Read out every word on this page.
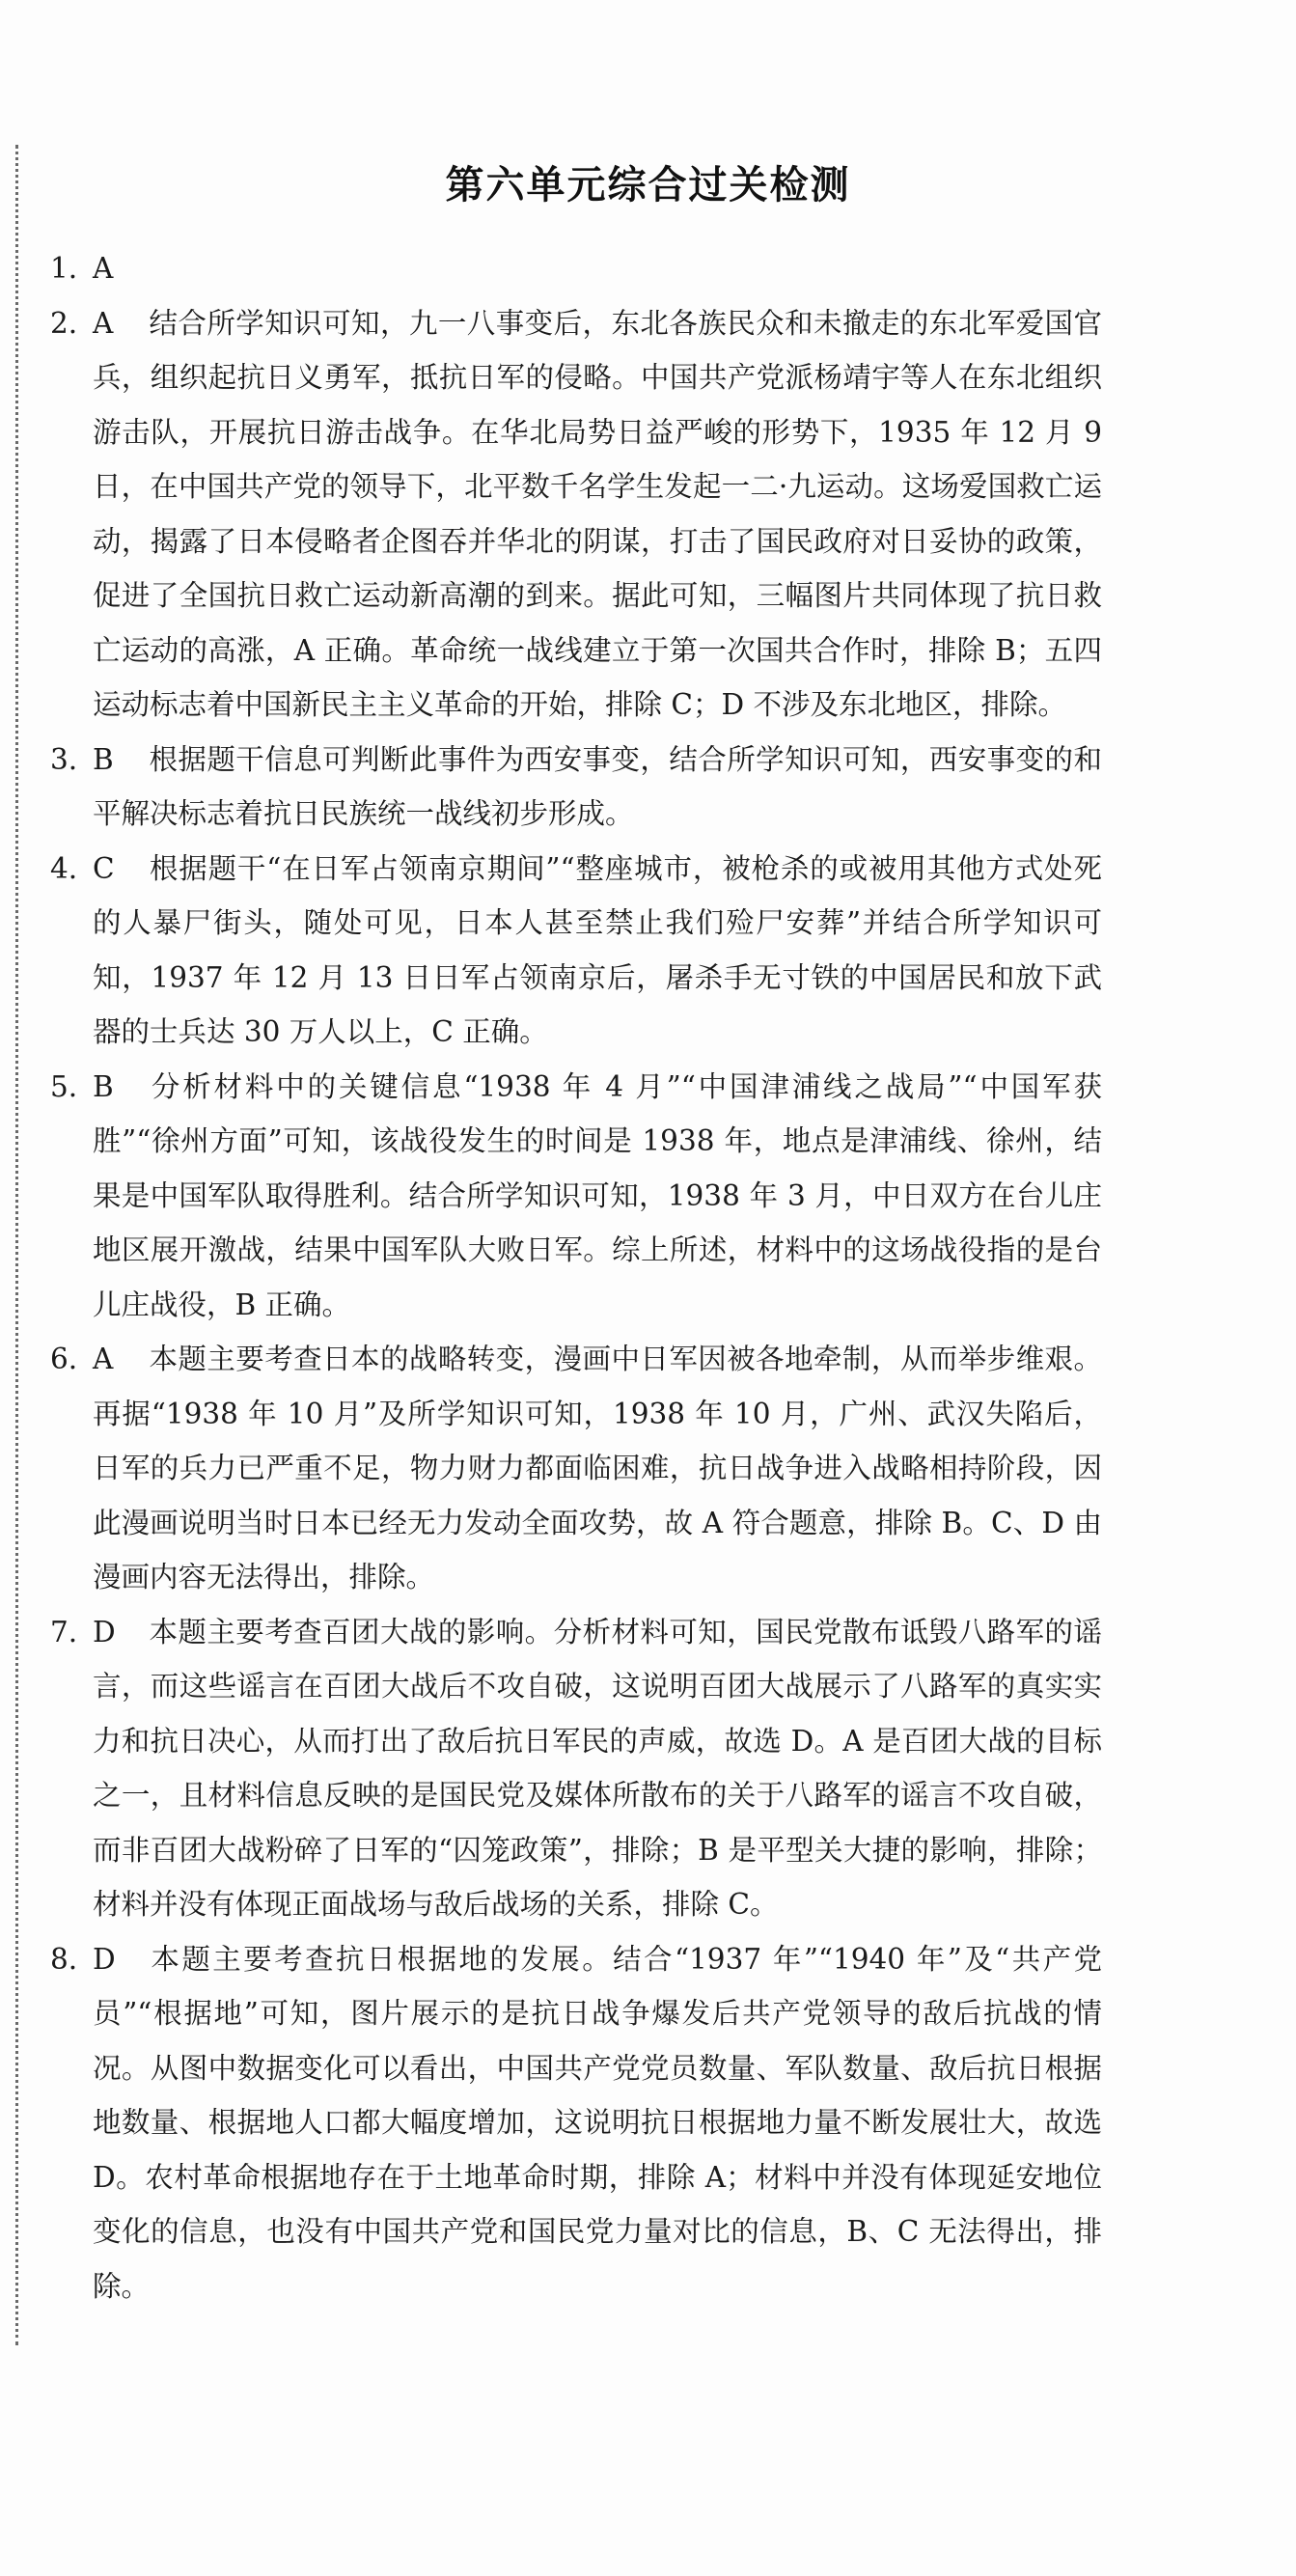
第六单元综合过关检测
1. A
2. A 结合所学知识可知，九一八事变后，东北各族民众和未撤走的东北军爱国官兵，组织起抗日义勇军，抵抗日军的侵略。中国共产党派杨靖宇等人在东北组织游击队，开展抗日游击战争。在华北局势日益严峻的形势下，1935 年 12 月 9 日，在中国共产党的领导下，北平数千名学生发起一二·九运动。这场爱国救亡运动，揭露了日本侵略者企图吞并华北的阴谋，打击了国民政府对日妥协的政策，促进了全国抗日救亡运动新高潮的到来。据此可知，三幅图片共同体现了抗日救亡运动的高涨，A 正确。革命统一战线建立于第一次国共合作时，排除 B；五四运动标志着中国新民主主义革命的开始，排除 C；D 不涉及东北地区，排除。
3. B 根据题干信息可判断此事件为西安事变，结合所学知识可知，西安事变的和平解决标志着抗日民族统一战线初步形成。
4. C 根据题干“在日军占领南京期间”“整座城市，被枪杀的或被用其他方式处死的人暴尸街头，随处可见，日本人甚至禁止我们殓尸安葬”并结合所学知识可知，1937 年 12 月 13 日日军占领南京后，屠杀手无寸铁的中国居民和放下武器的士兵达 30 万人以上，C 正确。
5. B 分析材料中的关键信息“1938 年 4 月”“中国津浦线之战局”“中国军获胜”“徐州方面”可知，该战役发生的时间是 1938 年，地点是津浦线、徐州，结果是中国军队取得胜利。结合所学知识可知，1938 年 3 月，中日双方在台儿庄地区展开激战，结果中国军队大败日军。综上所述，材料中的这场战役指的是台儿庄战役，B 正确。
6. A 本题主要考查日本的战略转变，漫画中日军因被各地牵制，从而举步维艰。再据“1938 年 10 月”及所学知识可知，1938 年 10 月，广州、武汉失陷后，日军的兵力已严重不足，物力财力都面临困难，抗日战争进入战略相持阶段，因此漫画说明当时日本已经无力发动全面攻势，故 A 符合题意，排除 B。C、D 由漫画内容无法得出，排除。
7. D 本题主要考查百团大战的影响。分析材料可知，国民党散布诋毁八路军的谣言，而这些谣言在百团大战后不攻自破，这说明百团大战展示了八路军的真实实力和抗日决心，从而打出了敌后抗日军民的声威，故选 D。A 是百团大战的目标之一，且材料信息反映的是国民党及媒体所散布的关于八路军的谣言不攻自破，而非百团大战粉碎了日军的“囚笼政策”，排除；B 是平型关大捷的影响，排除；材料并没有体现正面战场与敌后战场的关系，排除 C。
8. D 本题主要考查抗日根据地的发展。结合“1937 年”“1940 年”及“共产党员”“根据地”可知，图片展示的是抗日战争爆发后共产党领导的敌后抗战的情况。从图中数据变化可以看出，中国共产党党员数量、军队数量、敌后抗日根据地数量、根据地人口都大幅度增加，这说明抗日根据地力量不断发展壮大，故选 D。农村革命根据地存在于土地革命时期，排除 A；材料中并没有体现延安地位变化的信息，也没有中国共产党和国民党力量对比的信息，B、C 无法得出，排除。
